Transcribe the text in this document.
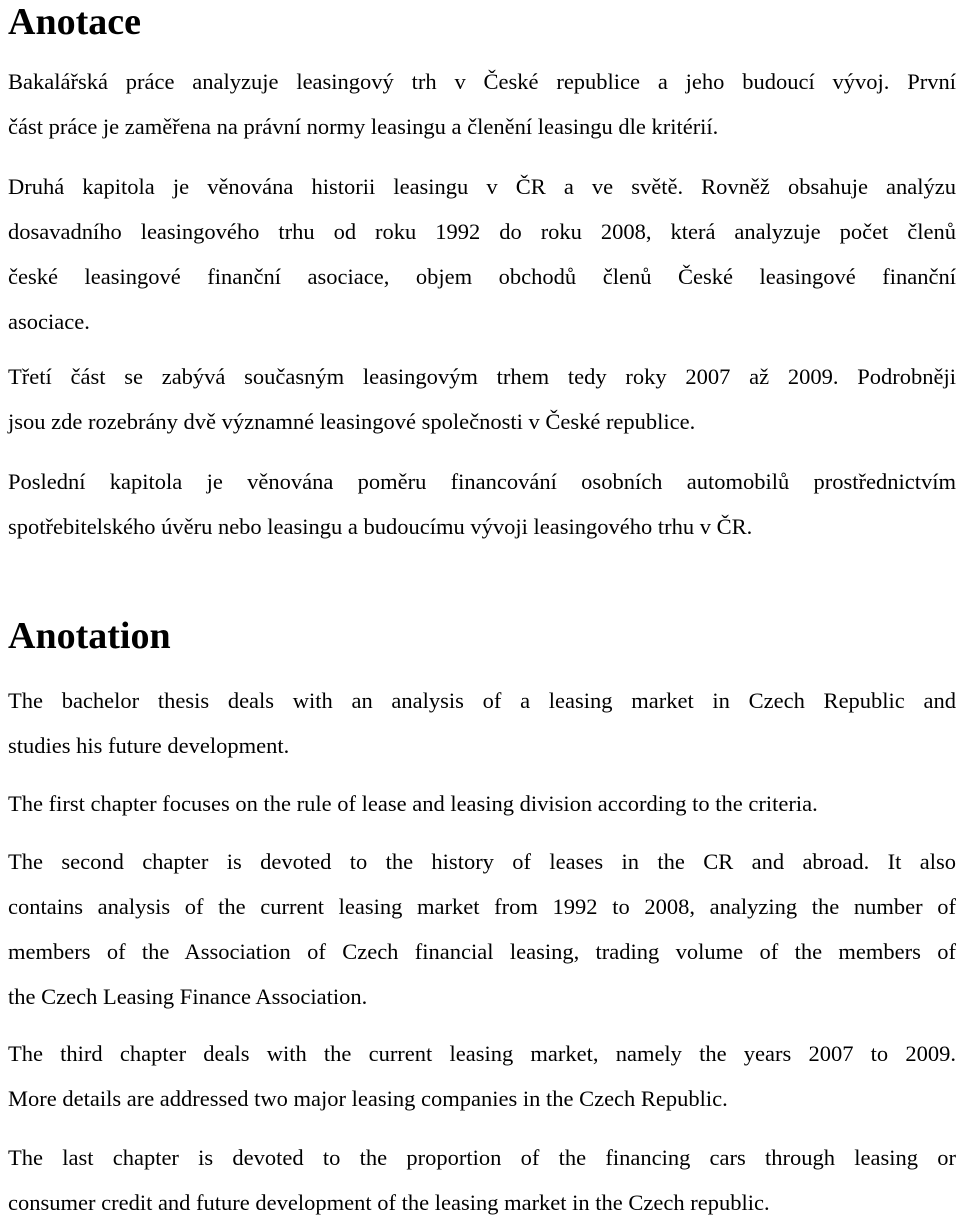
Anotace
Bakalářská práce analyzuje leasingový trh v České republice a jeho budoucí vývoj. První
část práce je zaměřena na právní normy leasingu a členění leasingu dle kritérií.
Druhá kapitola je věnována historii leasingu v ČR a ve světě. Rovněž obsahuje analýzu
dosavadního leasingového trhu od roku 1992 do roku 2008, která analyzuje počet členů
české leasingové finanční asociace, objem obchodů členů České leasingové finanční
asociace.
Třetí část se zabývá současným leasingovým trhem tedy roky 2007 až 2009. Podrobněji
jsou zde rozebrány dvě významné leasingové společnosti v České republice.
Poslední kapitola je věnována poměru financování osobních automobilů prostřednictvím
spotřebitelského úvěru nebo leasingu a budoucímu vývoji leasingového trhu v ČR.
Anotation
The bachelor thesis deals with an analysis of a leasing market in Czech Republic and
studies his future development.
The first chapter focuses on the rule of lease and leasing division according to the criteria.
The second chapter is devoted to the history of leases in the CR and abroad. It also
contains analysis of the current leasing market from 1992 to 2008, analyzing the number of
members of the Association of Czech financial leasing, trading volume of the members of
the Czech Leasing Finance Association.
The third chapter deals with the current leasing market, namely the years 2007 to 2009.
More details are addressed two major leasing companies in the Czech Republic.
The last chapter is devoted to the proportion of the financing cars through leasing or
consumer credit and future development of the leasing market in the Czech republic.
